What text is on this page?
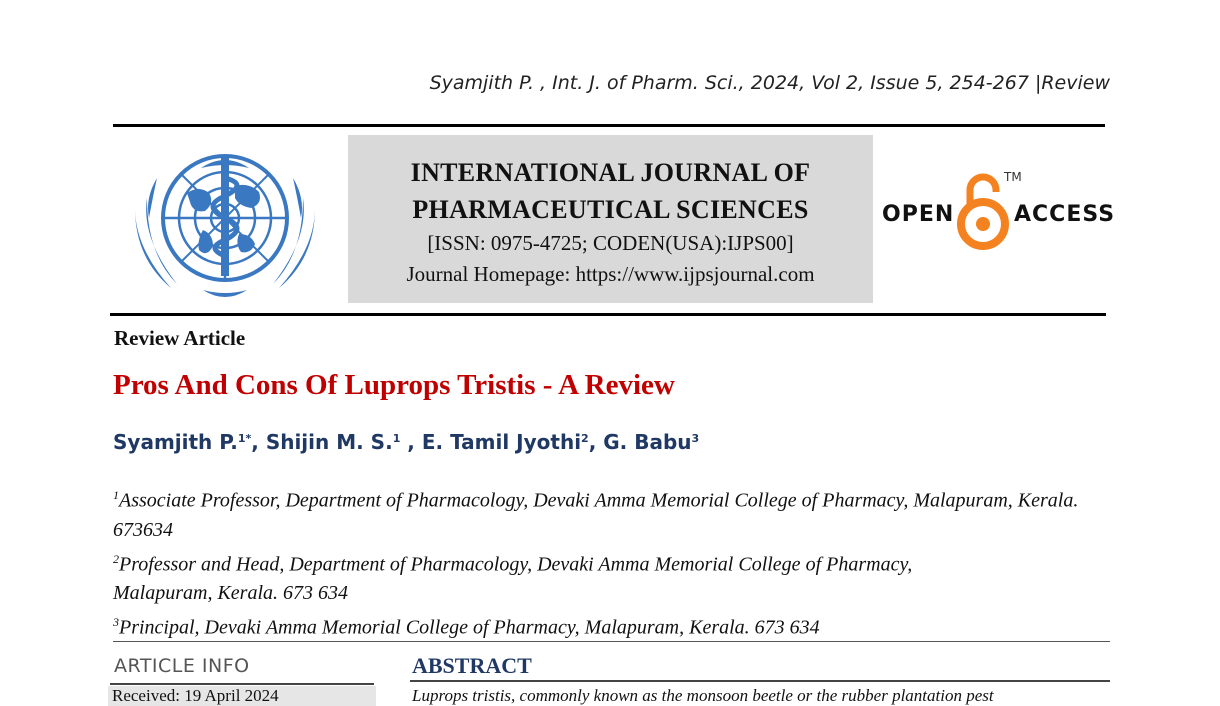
Syamjith P. , Int. J. of Pharm. Sci., 2024, Vol 2, Issue 5, 254-267 |Review
INTERNATIONAL JOURNAL OF
PHARMACEUTICAL SCIENCES
[ISSN: 0975-4725; CODEN(USA):IJPS00]
Journal Homepage: https://www.ijpsjournal.com
OPEN
TM
ACCESS
Review Article
Pros And Cons Of Luprops Tristis - A Review
Syamjith P.$^{1*}$, Shijin M. S.$^1$ , E. Tamil Jyothi$^2$, G. Babu$^3$

$^1$Associate Professor, Department of Pharmacology, Devaki Amma Memorial College of Pharmacy, Malapuram, Kerala. 673634

$^2$Professor and Head, Department of Pharmacology, Devaki Amma Memorial College of Pharmacy, Malapuram, Kerala. 673 634

$^3$Principal, Devaki Amma Memorial College of Pharmacy, Malapuram, Kerala. 673 634

ARTICLE INFO
Received: 19 April 2024
ABSTRACT
Luprops tristis, commonly known as the monsoon beetle or the rubber plantation pest
